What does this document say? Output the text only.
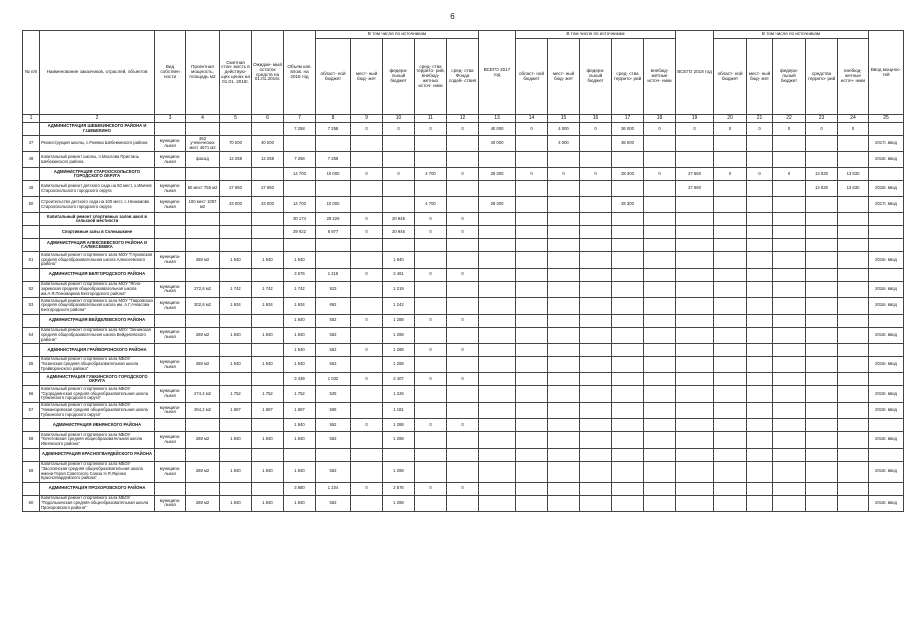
6
№ п/п	Наименование заказчиков, отраслей, объектов	Вид собствен ности	Проектная мощность, площадь м2	Сметная стои- мость в действую- щих ценах на 01.01. 2016г.	Ожидае- мый остаток средств на 01.01.2016г.	Объем кап. влож. на 2016 год	В том числе по источникам					ВСЕГО 2017 год	В том числе по источникам					ВСЕГО 2018 год	В том числе по источникам					Ввод мощнос- тей
							област- ной бюджет	мест- ный бюд- жет	федера- льный бюджет	сред- ства террито- рий, внебюд- жетных источ- ники	сред- ства Фонда содей- ствия		област- ной бюджет	мест- ный бюд- жет	федера- льный бюджет	сред- ства террито- рий	внебюд- жетные источ- ники		област- ной бюджет	мест- ный бюд- жет	федера- льный бюджет	средства террито- рий	внебюд- жетные источ- ники	
1	2	3	4	5	6	7	8	9	10	11	12	13	14	15	16	17	18	19	20	21	22	23	24	25
	АДМИНИСТРАЦИЯ ШЕБЕКИНСКОГО РАЙОНА И Г.ШЕБЕКИНО					7 258	7 258	0	0	0	0	40 000	0	4 000	0	36 000	0	0	0	0	0	0	0	
47	Реконструкция школы, с.Ржевка Шебекинского района	муниципа- льная	363 ученических мест 4671 м2	70 000	40 000							40 000		4 000		36 000								2017г. ввод
48	Капитальный ремонт школы, п.Маслова Пристань Шебекинского района	муниципа- льная	фасад	12 258	12 258	7 258	7 258																	2016г. ввод
	АДМИНИСТРАЦИЯ СТАРООСКОЛЬСКОГО ГОРОДСКОГО ОКРУГА					14 700	10 000	0	0	4 700	0	28 300	0	0	0	28 300	0	27 660	0	0	0	13 830	13 830	
49	Капитальный ремонт детского сада на 50 мест, х.Ивичев Старооскольского городского округа	муниципа- льная	50 мест 755 м2	27 660	27 660													27 660				13 830	13 830	2018г. ввод
50	Строительство детского сада на 100 мест, с.Незнамово Старооскольского городского округа	муниципа- льная	100 мест 1087 м2	43 000	43 000	14 700	10 000			4 700		28 300				28 300								2017г. ввод
	Капитальный ремонт спортивных залов школ в сельской местности					30 174	29 229	0	20 945	0	0													
	Спортивные залы в Солнышкине					29 922	8 977	0	20 945	0	0													
	АДМИНИСТРАЦИЯ АЛЕКСЕЕВСКОГО РАЙОНА И Г.АЛЕКСЕЕВКА																							
51	Капитальный ремонт спортивного зала МОУ "Глуховская средняя общеобразовательная школа Алексеевского района"	муниципа- льная	288 м2	1 840	1 840	1 840			1 840															2016г. ввод
	АДМИНИСТРАЦИЯ БЕЛГОРОДСКОГО РАЙОНА					3 676	1 215	0	2 461	0	0													
52	Капитальный ремонт спортивного зала МОУ "Ясно-зоринская средняя общеобразовательная школа им.А.Я.Пономарева Белгородского района"	муниципа- льная	272,8 м2	1 742	1 742	1 742	523		1 219															2016г. ввод
53	Капитальный ремонт спортивного зала МОУ "Тавровская средняя общеобразовательная школа им. А.Г.Ачкасова Белгородского района"	муниципа- льная	302,8 м2	1 934	1 934	1 934	692		1 242															2016г. ввод
	АДМИНИСТРАЦИЯ ВЕЙДЕЛЕВСКОГО РАЙОНА					1 840	552	0	1 288	0	0													
54	Капитальный ремонт спортивного зала МОУ "Зенинская средняя общеобразовательная школа Вейделевского района"	муниципа- льная	288 м2	1 840	1 840	1 840	552		1 288															2016г. ввод
	АДМИНИСТРАЦИЯ ГРАЙВОРОНСКОГО РАЙОНА					1 840	552	0	1 288	0	0													
55	Капитальный ремонт спортивного зала МБОУ "Козинская средняя общеобразовательная школа Грайворонского района"	муниципа- льная	288 м2	1 840	1 840	1 840	552		1 288															2016г. ввод
	АДМИНИСТРАЦИЯ ГУБКИНСКОГО ГОРОДСКОГО ОКРУГА					3 439	1 032	0	2 407	0	0													
56	Капитальный ремонт спортивного зала МБОУ "Скороднянская средняя общеобразовательная школа Губкинского городского округа"	муниципа- льная	274,4 м2	1 752	1 752	1 752	525		1 226															2016г. ввод
57	Капитальный ремонт спортивного зала МБОУ "Никаноровская средняя общеобразовательная школа Губкинского городского округа"	муниципа- льная	264,2 м2	1 687	1 687	1 687	506		1 181															2016г. ввод
	АДМИНИСТРАЦИЯ ИВНЯНСКОГО РАЙОНА					1 840	552	0	1 288	0	0													
58	Капитальный ремонт спортивного зала МБОУ "Кочетовская средняя общеобразовательная школа Ивнянского района"	муниципа- льная	288 м2	1 840	1 840	1 840	552		1 288															2016г. ввод
	АДМИНИСТРАЦИЯ КРАСНОГВАРДЕЙСКОГО РАЙОНА																							
59	Капитальный ремонт спортивного зала МБОУ "Засосенская средняя общеобразовательная школа имени Героя Советского Союза Н.Я.Яценко Красногвардейского района"	муниципа- льная	288 м2	1 840	1 840	1 840	552		1 288															2016г. ввод
	АДМИНИСТРАЦИЯ ПРОХОРОВСКОГО РАЙОНА					3 680	1 104	0	2 576	0	0													
60	Капитальный ремонт спортивного зала МБОУ "Подольхинская средняя общеобразовательная школа Прохоровского района"	муниципа- льная	288 м2	1 840	1 840	1 840	552		1 288															2016г. ввод
